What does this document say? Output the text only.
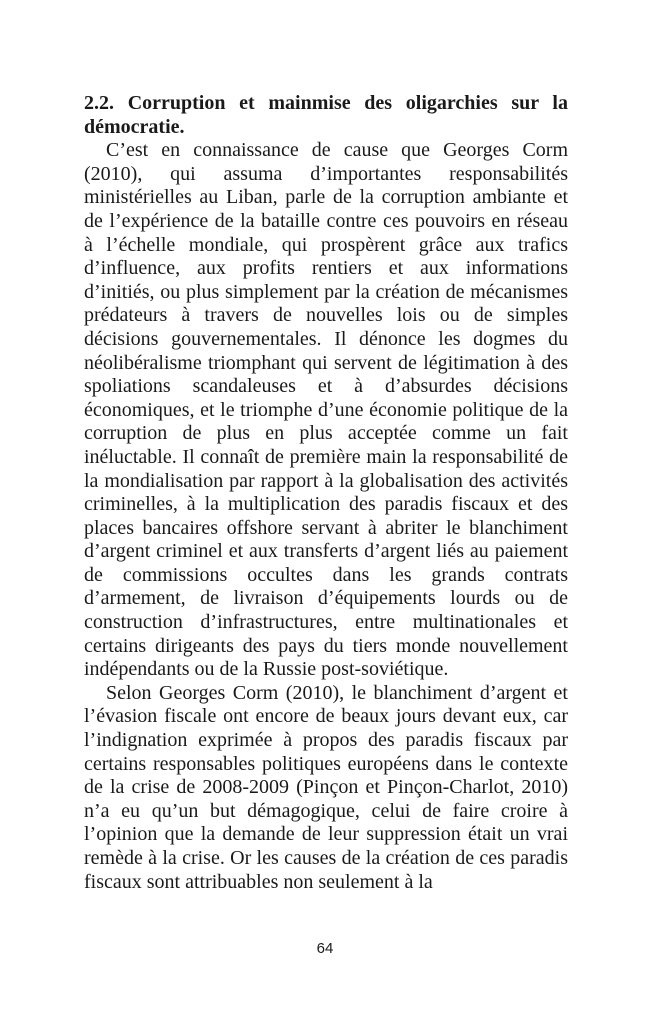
2.2. Corruption et mainmise des oligarchies sur la démocratie.

C’est en connaissance de cause que Georges Corm (2010), qui assuma d’importantes responsabilités ministérielles au Liban, parle de la corruption ambiante et de l’expérience de la bataille contre ces pouvoirs en réseau à l’échelle mondiale, qui prospèrent grâce aux trafics d’influence, aux profits rentiers et aux informations d’initiés, ou plus simplement par la création de mécanismes prédateurs à travers de nouvelles lois ou de simples décisions gouvernementales. Il dénonce les dogmes du néolibéralisme triomphant qui servent de légitimation à des spoliations scandaleuses et à d’absurdes décisions économiques, et le triomphe d’une économie politique de la corruption de plus en plus acceptée comme un fait inéluctable. Il connaît de première main la responsabilité de la mondialisation par rapport à la globalisation des activités criminelles, à la multiplication des paradis fiscaux et des places bancaires offshore servant à abriter le blanchiment d’argent criminel et aux transferts d’argent liés au paiement de commissions occultes dans les grands contrats d’armement, de livraison d’équipements lourds ou de construction d’infrastructures, entre multinationales et certains dirigeants des pays du tiers monde nouvellement indépendants ou de la Russie post-soviétique.

Selon Georges Corm (2010), le blanchiment d’argent et l’évasion fiscale ont encore de beaux jours devant eux, car l’indignation exprimée à propos des paradis fiscaux par certains responsables politiques européens dans le contexte de la crise de 2008-2009 (Pinçon et Pinçon-Charlot, 2010) n’a eu qu’un but démagogique, celui de faire croire à l’opinion que la demande de leur suppression était un vrai remède à la crise. Or les causes de la création de ces paradis fiscaux sont attribuables non seulement à la

64
